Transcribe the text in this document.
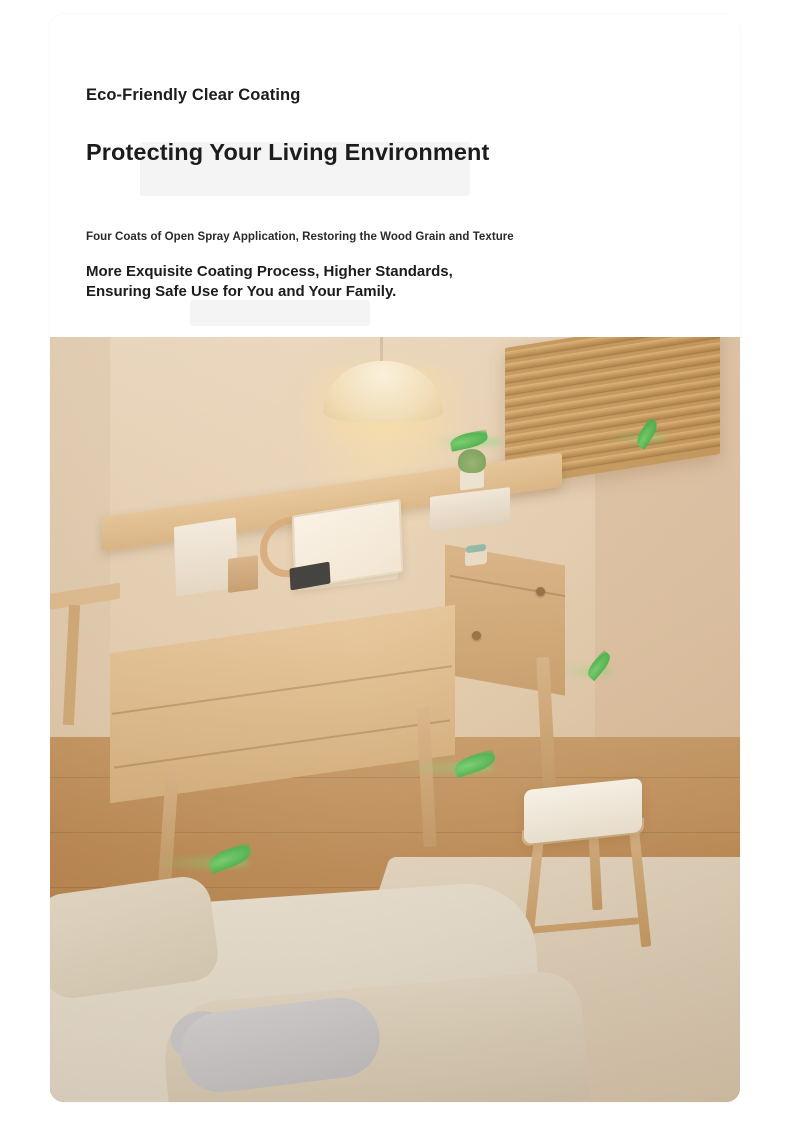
Eco-Friendly Clear Coating
Protecting Your Living Environment
Four Coats of Open Spray Application, Restoring the Wood Grain and Texture
More Exquisite Coating Process, Higher Standards, Ensuring Safe Use for You and Your Family.
